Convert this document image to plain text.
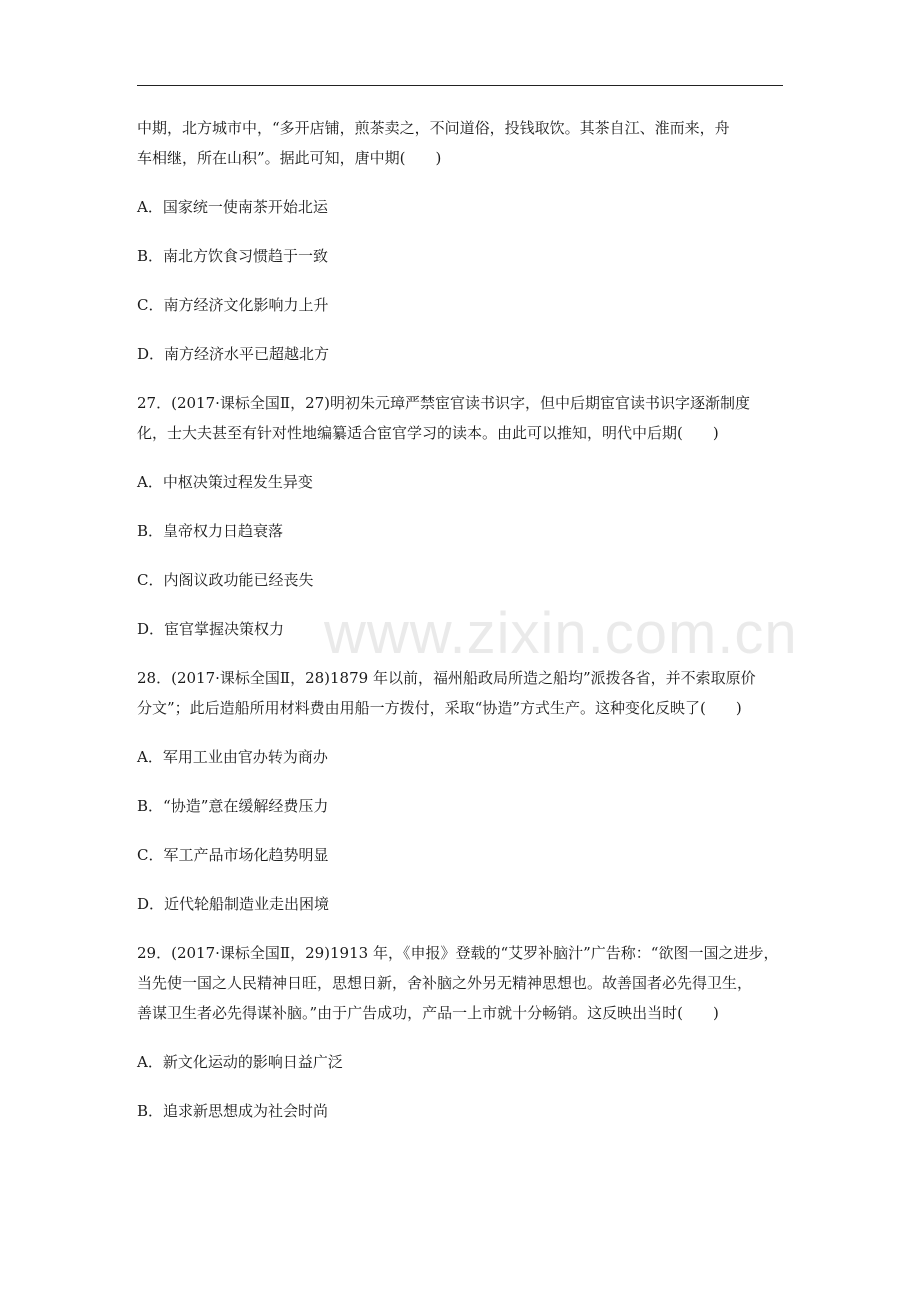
中期，北方城市中，“多开店铺，煎茶卖之，不问道俗，投钱取饮。其茶自江、淮而来，舟

车相继，所在山积”。据此可知，唐中期(　　)

A．国家统一使南茶开始北运

B．南北方饮食习惯趋于一致

C．南方经济文化影响力上升

D．南方经济水平已超越北方

27．(2017·课标全国Ⅱ，27)明初朱元璋严禁宦官读书识字，但中后期宦官读书识字逐渐制度

化，士大夫甚至有针对性地编纂适合宦官学习的读本。由此可以推知，明代中后期(　　)

A．中枢决策过程发生异变

B．皇帝权力日趋衰落

C．内阁议政功能已经丧失

D．宦官掌握决策权力

28．(2017·课标全国Ⅱ，28)1879 年以前，福州船政局所造之船均”派拨各省，并不索取原价

分文”；此后造船所用材料费由用船一方拨付，采取“协造”方式生产。这种变化反映了(　　)

A．军用工业由官办转为商办

B．“协造”意在缓解经费压力

C．军工产品市场化趋势明显

D．近代轮船制造业走出困境

29．(2017·课标全国Ⅱ，29)1913 年，《申报》登载的“艾罗补脑汁”广告称：“欲图一国之进步，

当先使一国之人民精神日旺，思想日新，舍补脑之外另无精神思想也。故善国者必先得卫生，

善谋卫生者必先得谋补脑。”由于广告成功，产品一上市就十分畅销。这反映出当时(　　)

A．新文化运动的影响日益广泛

B．追求新思想成为社会时尚

www.zixin.com.cn
